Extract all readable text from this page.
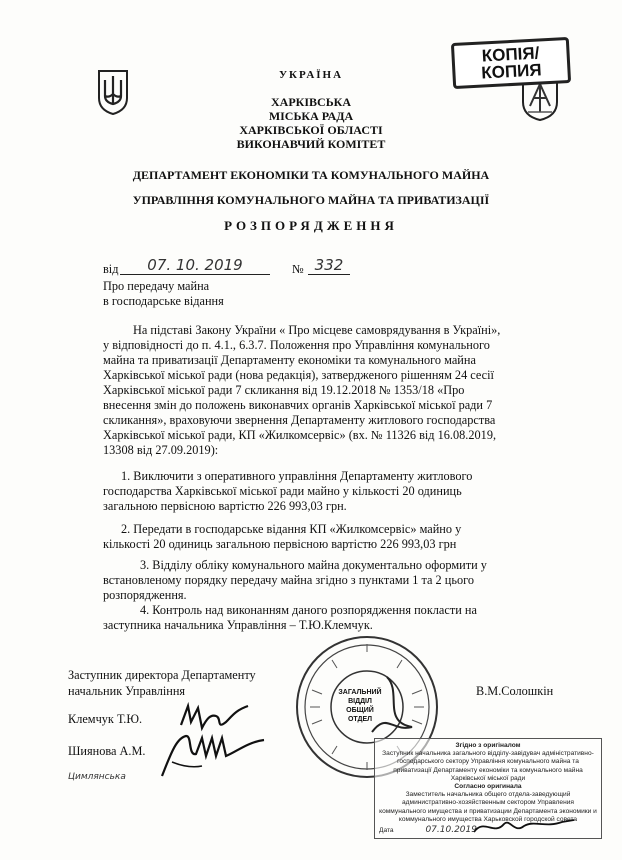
КОПІЯ/
КОПИЯ
УКРАЇНА
ХАРКІВСЬКА
МІСЬКА РАДА
ХАРКІВСЬКОЇ ОБЛАСТІ
ВИКОНАВЧИЙ КОМІТЕТ
ДЕПАРТАМЕНТ ЕКОНОМІКИ ТА КОМУНАЛЬНОГО МАЙНА
УПРАВЛІННЯ КОМУНАЛЬНОГО МАЙНА ТА ПРИВАТИЗАЦІЇ
РОЗПОРЯДЖЕННЯ
від	07. 10. 2019	№ 332
Про передачу майна
в господарське відання
На підставі Закону України « Про місцеве самоврядування в Україні»,
у відповідності до п. 4.1., 6.3.7. Положення про Управління комунального
майна та приватизації Департаменту економіки та комунального майна
Харківської міської ради (нова редакція), затвердженого рішенням 24 сесії
Харківської міської ради 7 скликання від 19.12.2018 № 1353/18 «Про
внесення змін до положень виконавчих органів Харківської міської ради 7
скликання», враховуючи звернення Департаменту житлового господарства
Харківської міської ради, КП «Жилкомсервіс» (вх. № 11326 від 16.08.2019,
13308 від 27.09.2019):
1. Виключити з оперативного управління Департаменту житлового
господарства Харківської міської ради майно у кількості 20 одиниць
загальною первісною вартістю 226 993,03 грн.
2. Передати в господарське відання КП «Жилкомсервіс» майно у
кількості 20 одиниць загальною первісною вартістю 226 993,03 грн
3. Відділу обліку комунального майна документально оформити у
встановленому порядку передачу майна згідно з пунктами 1 та 2 цього
розпорядження.
4. Контроль над виконанням даного розпорядження покласти на
заступника начальника Управління – Т.Ю.Клемчук.
Заступник директора Департаменту
начальник Управління	В.М.Солошкін
ЗАГАЛЬНИЙ
ВІДДІЛ
ОБЩИЙ ОТДЕЛ
Клемчук Т.Ю.
Шиянова А.М.
Цимлянська
Згідно з оригіналом
Заступник начальника загального відділу-завідувач адміністративно-господарського сектору Управління комунального майна та приватизації Департаменту економіки та комунального майна Харківської міської ради
Согласно оригинала
Заместитель начальника общего отдела-заведующий административно-хозяйственным сектором Управления коммунального имущества и приватизации Департамента экономики и коммунального имущества Харьковской городской совета
Дата	07.10.2019
